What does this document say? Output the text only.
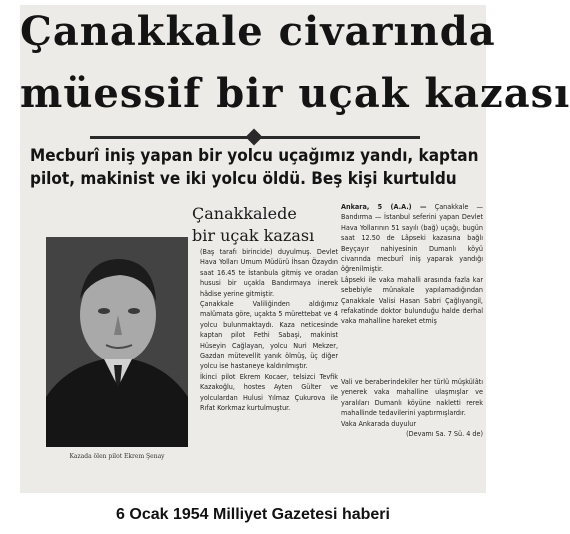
Çanakkale civarında
müessif bir uçak kazası
Mecburî iniş yapan bir yolcu uçağımız yandı, kaptan
pilot, makinist ve iki yolcu öldü. Beş kişi kurtuldu
Çanakkalede
bir uçak kazası
Kazada ölen pilot Ekrem Şenay

(Baş tarafı birincide) duyulmuş. Devlet Hava Yolları Umum Müdürü İhsan Özaydın saat 16.45 te İstanbula gitmiş ve oradan hususi bir uçakla Bandırmaya inerek hâdise yerine gitmiştir.

Çanakkale Valiliğinden aldığımız malûmata göre, uçakta 5 mürettebat ve 4 yolcu bulunmaktaydı. Kaza neticesinde kaptan pilot Fethi Sabaşi, makinist Hüseyin Cağlayan, yolcu Nuri Mekzer, Gazdan mütevellit yanık ölmüş, üç diğer yolcu ise hastaneye kaldırılmıştır.

İkinci pilot Ekrem Kocaer, telsizci Tevfik Kazakoğlu, hostes Ayten Gülter ve yolculardan Hulusi Yılmaz Çukurova ile Rıfat Korkmaz kurtulmuştur.

Ankara, 5 (A.A.) — Çanakkale — Bandırma — İstanbul seferini yapan Devlet Hava Yollarının 51 sayılı (bağ) uçağı, bugün saat 12.50 de Lâpseki kazasına bağlı Beyçayır nahiyesinin Dumanlı köyü civarında mecburî iniş yaparak yandığı öğrenilmiştir.

Lâpseki ile vaka mahalli arasında fazla kar sebebiyle münakale yapılamadığından Çanakkale Valisi Hasan Sabri Çağlıyangil, refakatinde doktor bulunduğu halde derhal vaka mahalline hareket etmiş

Vali ve beraberindekiler her türlü müşkülâtı yenerek vaka mahalline ulaşmışlar ve yaralıları Dumanlı köyüne nakletti rerek mahallinde tedavilerini yaptırmışlardır.

Vaka Ankarada duyulur

(Devamı Sa. 7 Sü. 4 de)

6 Ocak 1954 Milliyet Gazetesi haberi
